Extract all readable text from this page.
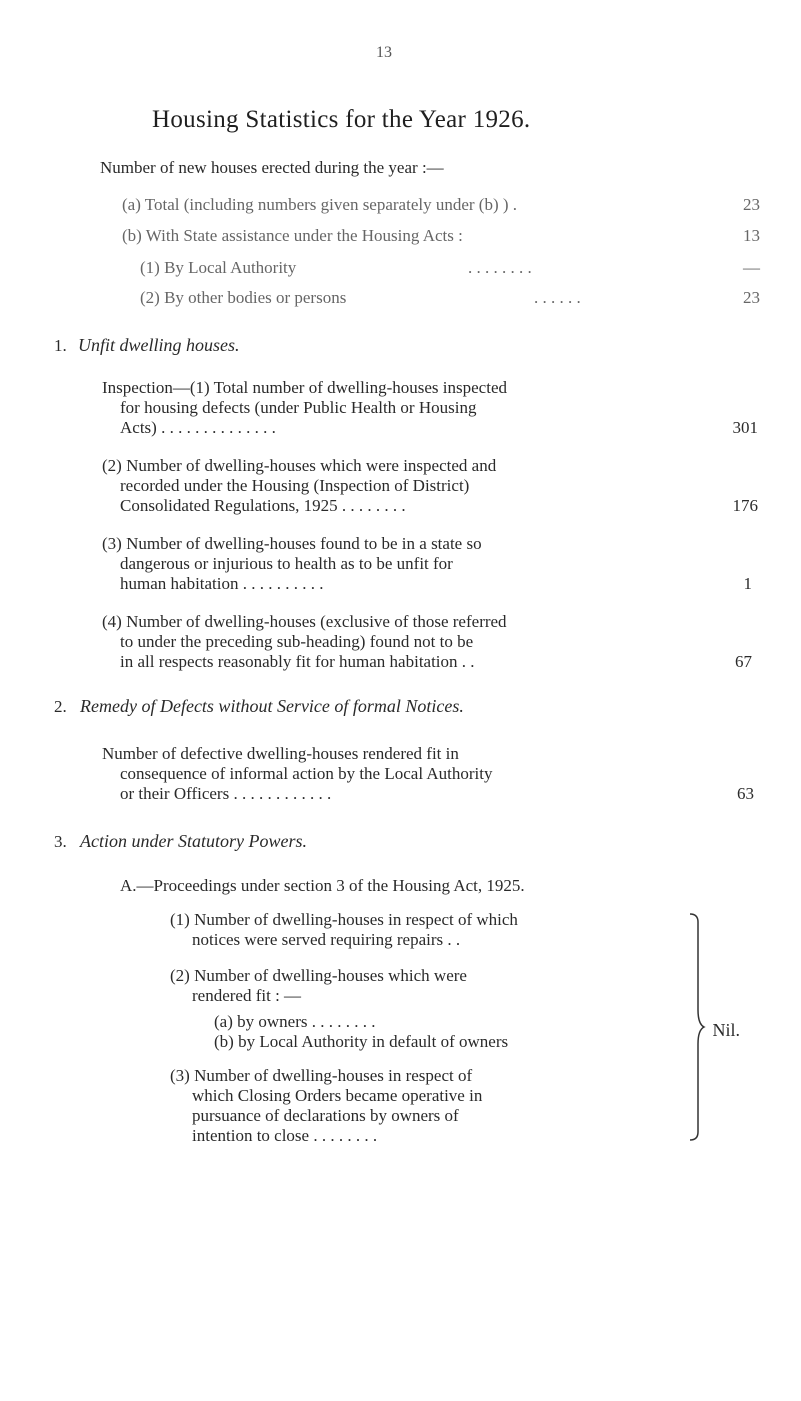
13
Housing Statistics for the Year 1926.
Number of new houses erected during the year :—
(a) Total (including numbers given separately under (b) ) .	23
(b) With State assistance under the Housing Acts :	13
(1) By Local Authority	. . . . . . . .	—
(2) By other bodies or persons	. . . . . .	23
1. Unfit dwelling houses.
Inspection—(1) Total number of dwelling-houses inspected
for housing defects (under Public Health or Housing
Acts) . . . . . . . . . . . . . .	301
(2) Number of dwelling-houses which were inspected and
recorded under the Housing (Inspection of District)
Consolidated Regulations, 1925 . . . . . . . .	176
(3) Number of dwelling-houses found to be in a state so
dangerous or injurious to health as to be unfit for
human habitation . . . . . . . . . .	1
(4) Number of dwelling-houses (exclusive of those referred
to under the preceding sub-heading) found not to be
in all respects reasonably fit for human habitation . .	67
2. Remedy of Defects without Service of formal Notices.
Number of defective dwelling-houses rendered fit in
consequence of informal action by the Local Authority
or their Officers . . . . . . . . . . . .	63
3. Action under Statutory Powers.
A.—Proceedings under section 3 of the Housing Act, 1925.
(1) Number of dwelling-houses in respect of which
notices were served requiring repairs . .
(2) Number of dwelling-houses which were
rendered fit : —
(a) by owners . . . . . . . .
(b) by Local Authority in default of owners
(3) Number of dwelling-houses in respect of
which Closing Orders became operative in
pursuance of declarations by owners of
intention to close . . . . . . . .
Nil.
